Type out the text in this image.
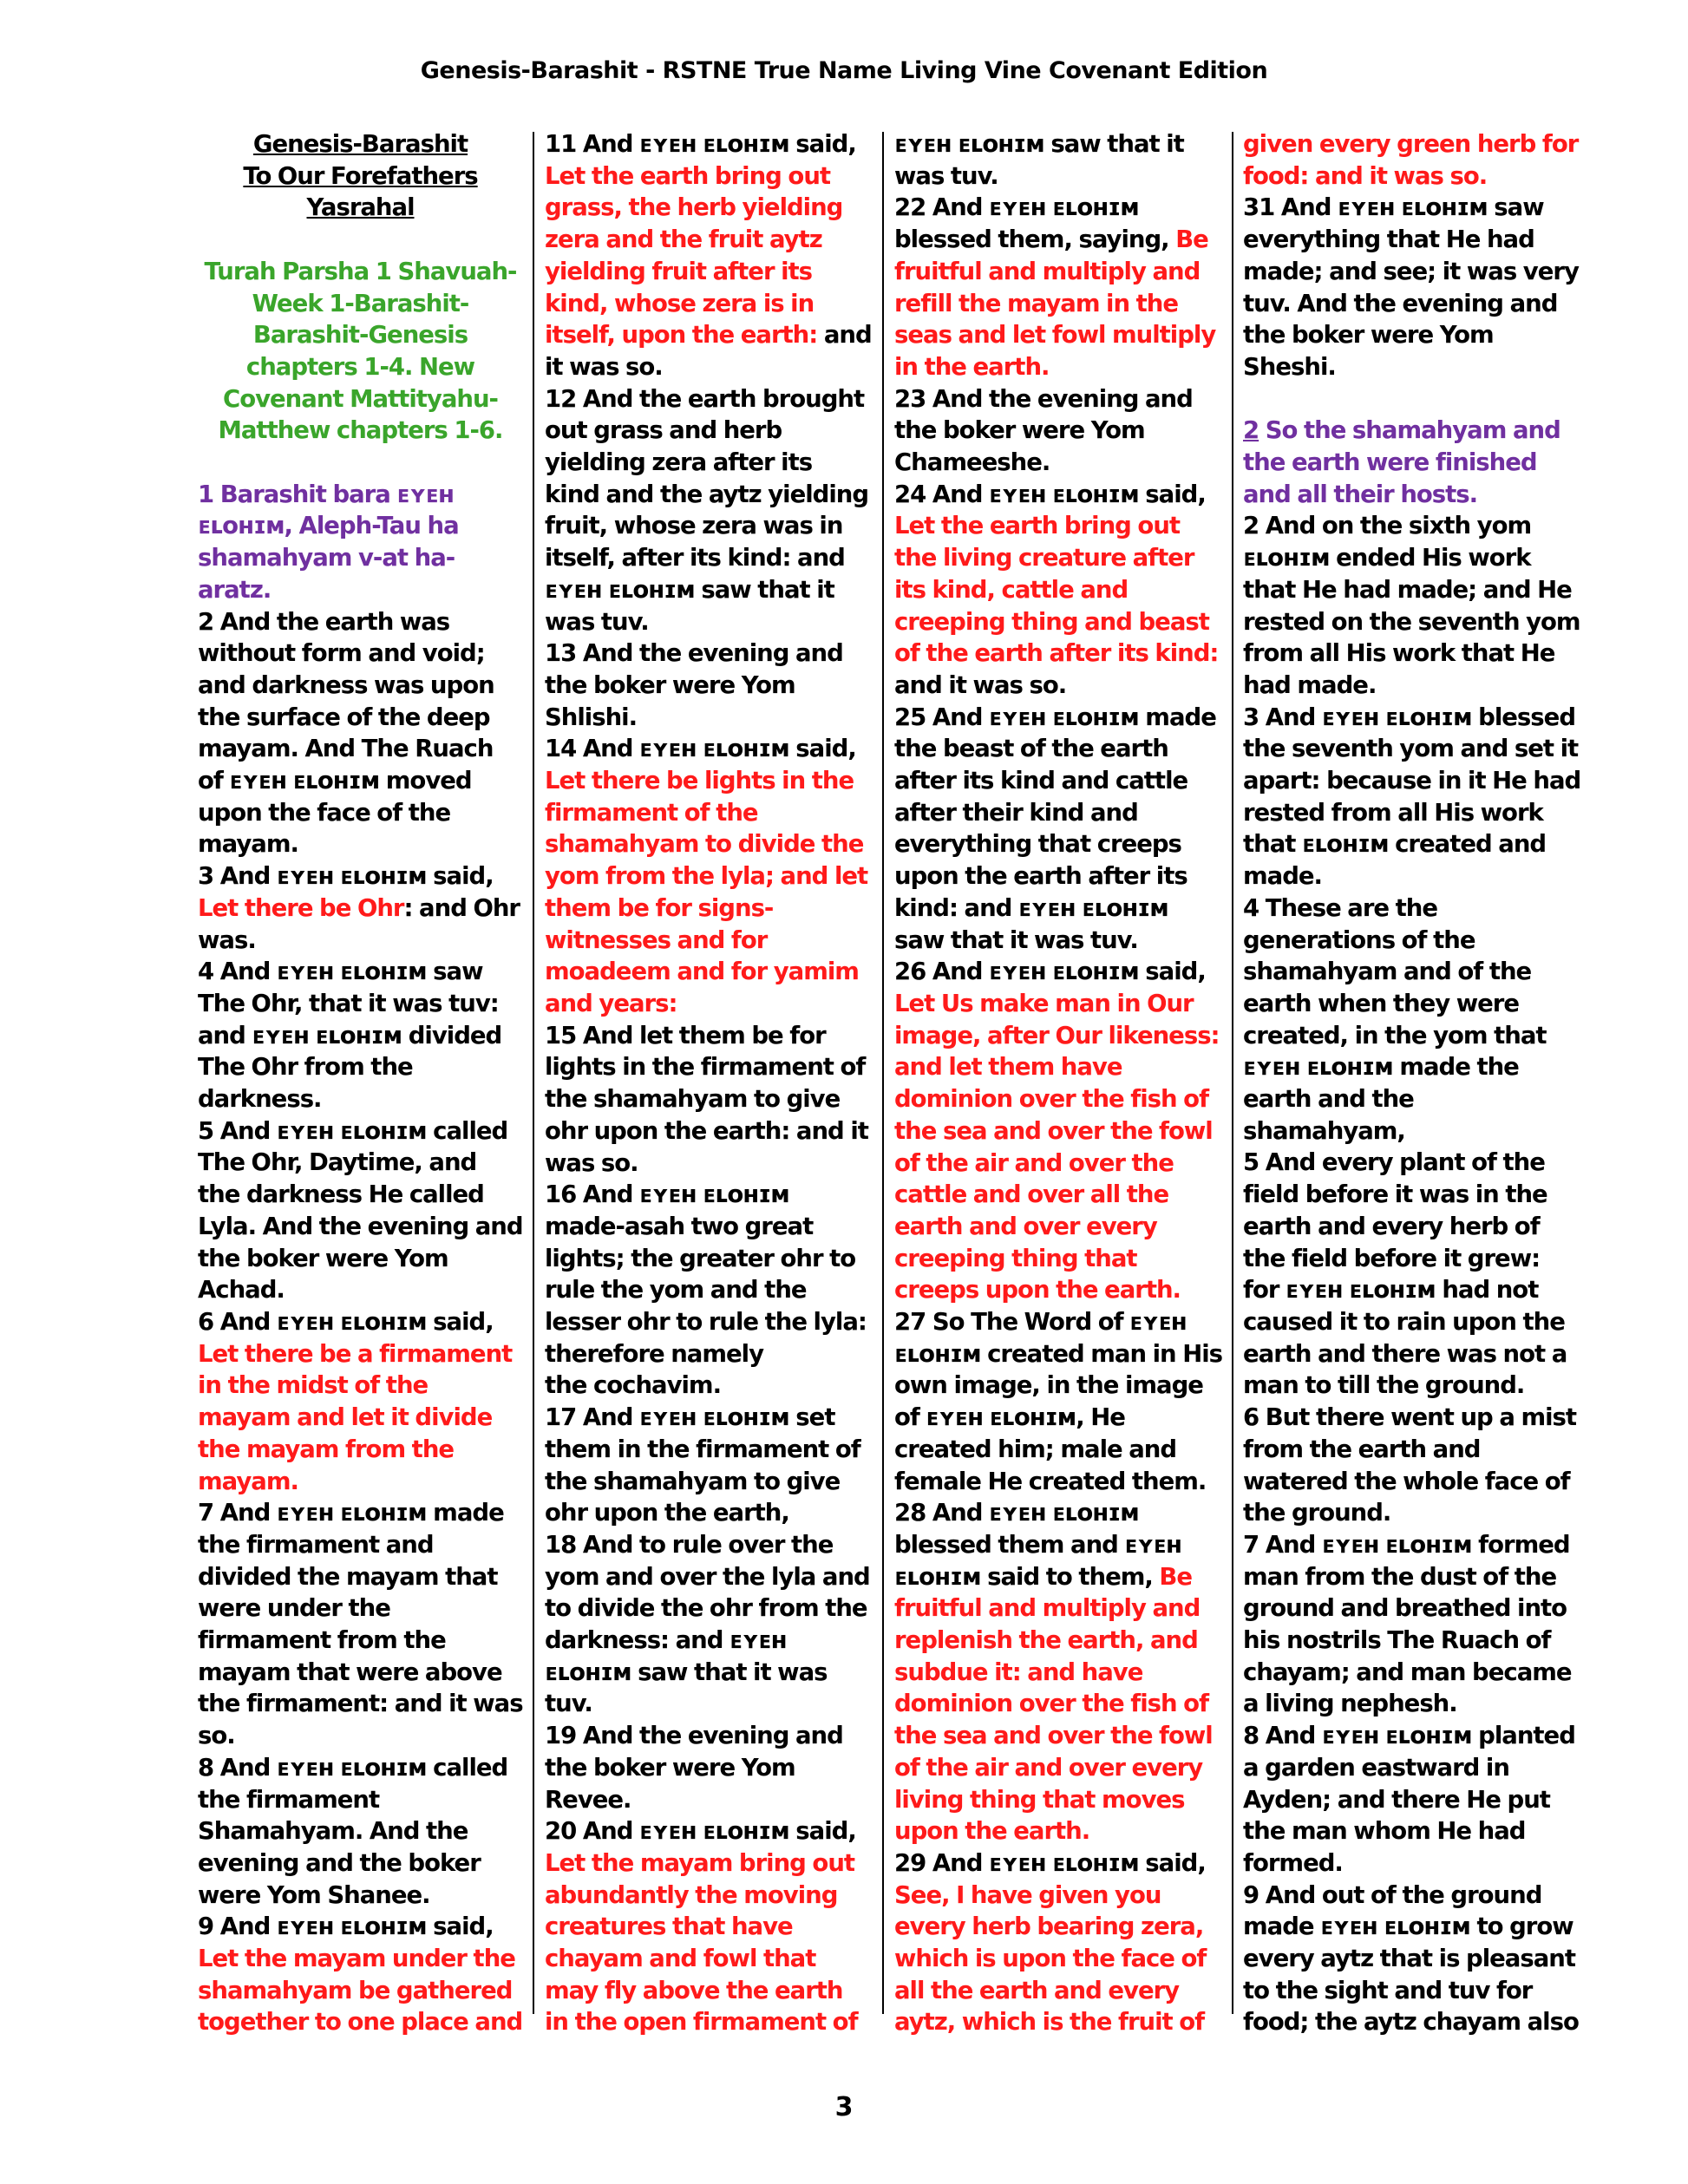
Genesis-Barashit - RSTNE True Name Living Vine Covenant Edition

Genesis-Barashit

To Our Forefathers Yasrahal

Turah Parsha 1 Shavuah-Week 1-Barashit-Barashit-Genesis chapters 1-4. New Covenant Mattityahu-Matthew chapters 1-6.

1 Barashit bara ᴇʏᴇʜ ᴇʟᴏʜɪᴍ, Aleph-Tau ha shamahyam v-at ha-aratz.

2 And the earth was without form and void; and darkness was upon the surface of the deep mayam. And The Ruach of ᴇʏᴇʜ ᴇʟᴏʜɪᴍ moved upon the face of the mayam.

3 And ᴇʏᴇʜ ᴇʟᴏʜɪᴍ said, Let there be Ohr: and Ohr was.

4 And ᴇʏᴇʜ ᴇʟᴏʜɪᴍ saw The Ohr, that it was tuv: and ᴇʏᴇʜ ᴇʟᴏʜɪᴍ divided The Ohr from the darkness.

5 And ᴇʏᴇʜ ᴇʟᴏʜɪᴍ called The Ohr, Daytime, and the darkness He called Lyla. And the evening and the boker were Yom Achad.

6 And ᴇʏᴇʜ ᴇʟᴏʜɪᴍ said, Let there be a firmament in the midst of the mayam and let it divide the mayam from the mayam.

7 And ᴇʏᴇʜ ᴇʟᴏʜɪᴍ made the firmament and divided the mayam that were under the firmament from the mayam that were above the firmament: and it was so.

8 And ᴇʏᴇʜ ᴇʟᴏʜɪᴍ called the firmament Shamahyam. And the evening and the boker were Yom Shanee.

9 And ᴇʏᴇʜ ᴇʟᴏʜɪᴍ said, Let the mayam under the shamahyam be gathered together to one place and

11 And ᴇʏᴇʜ ᴇʟᴏʜɪᴍ said, Let the earth bring out grass, the herb yielding zera and the fruit aytz yielding fruit after its kind, whose zera is in itself, upon the earth: and it was so.

12 And the earth brought out grass and herb yielding zera after its kind and the aytz yielding fruit, whose zera was in itself, after its kind: and ᴇʏᴇʜ ᴇʟᴏʜɪᴍ saw that it was tuv.

13 And the evening and the boker were Yom Shlishi.

14 And ᴇʏᴇʜ ᴇʟᴏʜɪᴍ said, Let there be lights in the firmament of the shamahyam to divide the yom from the lyla; and let them be for signs-witnesses and for moadeem and for yamim and years:

15 And let them be for lights in the firmament of the shamahyam to give ohr upon the earth: and it was so.

16 And ᴇʏᴇʜ ᴇʟᴏʜɪᴍ made-asah two great lights; the greater ohr to rule the yom and the lesser ohr to rule the lyla: therefore namely

the cochavim.

17 And ᴇʏᴇʜ ᴇʟᴏʜɪᴍ set them in the firmament of the shamahyam to give ohr upon the earth,

18 And to rule over the yom and over the lyla and to divide the ohr from the darkness: and ᴇʏᴇʜ ᴇʟᴏʜɪᴍ saw that it was tuv.

19 And the evening and the boker were Yom Revee.

20 And ᴇʏᴇʜ ᴇʟᴏʜɪᴍ said, Let the mayam bring out abundantly the moving creatures that have chayam and fowl that may fly above the earth in the open firmament of

ᴇʏᴇʜ ᴇʟᴏʜɪᴍ saw that it was tuv.

22 And ᴇʏᴇʜ ᴇʟᴏʜɪᴍ blessed them, saying, Be fruitful and multiply and refill the mayam in the seas and let fowl multiply in the earth.

23 And the evening and the boker were Yom Chameeshe.

24 And ᴇʏᴇʜ ᴇʟᴏʜɪᴍ said, Let the earth bring out the living creature after its kind, cattle and creeping thing and beast of the earth after its kind: and it was so.

25 And ᴇʏᴇʜ ᴇʟᴏʜɪᴍ made the beast of the earth after its kind and cattle after their kind and everything that creeps upon the earth after its kind: and ᴇʏᴇʜ ᴇʟᴏʜɪᴍ saw that it was tuv.

26 And ᴇʏᴇʜ ᴇʟᴏʜɪᴍ said, Let Us make man in Our image, after Our likeness: and let them have dominion over the fish of the sea and over the fowl of the air and over the cattle and over all the earth and over every creeping thing that creeps upon the earth.

27 So The Word of ᴇʏᴇʜ ᴇʟᴏʜɪᴍ created man in His own image, in the image of ᴇʏᴇʜ ᴇʟᴏʜɪᴍ, He created him; male and female He created them.

28 And ᴇʏᴇʜ ᴇʟᴏʜɪᴍ blessed them and ᴇʏᴇʜ ᴇʟᴏʜɪᴍ said to them, Be fruitful and multiply and replenish the earth, and subdue it: and have dominion over the fish of the sea and over the fowl of the air and over every living thing that moves upon the earth.

29 And ᴇʏᴇʜ ᴇʟᴏʜɪᴍ said, See, I have given you every herb bearing zera, which is upon the face of all the earth and every aytz, which is the fruit of

given every green herb for food: and it was so.

31 And ᴇʏᴇʜ ᴇʟᴏʜɪᴍ saw everything that He had made; and see; it was very tuv. And the evening and the boker were Yom Sheshi.

2 So the shamahyam and the earth were finished and all their hosts.

2 And on the sixth yom ᴇʟᴏʜɪᴍ ended His work that He had made; and He rested on the seventh yom from all His work that He had made.

3 And ᴇʏᴇʜ ᴇʟᴏʜɪᴍ blessed the seventh yom and set it apart: because in it He had rested from all His work that ᴇʟᴏʜɪᴍ created and made.

4 These are the generations of the shamahyam and of the earth when they were created, in the yom that ᴇʏᴇʜ ᴇʟᴏʜɪᴍ made the earth and the shamahyam,

5 And every plant of the field before it was in the earth and every herb of the field before it grew: for ᴇʏᴇʜ ᴇʟᴏʜɪᴍ had not caused it to rain upon the earth and there was not a man to till the ground.

6 But there went up a mist from the earth and watered the whole face of the ground.

7 And ᴇʏᴇʜ ᴇʟᴏʜɪᴍ formed man from the dust of the ground and breathed into his nostrils The Ruach of chayam; and man became a living nephesh.

8 And ᴇʏᴇʜ ᴇʟᴏʜɪᴍ planted a garden eastward in Ayden; and there He put the man whom He had formed.

9 And out of the ground made ᴇʏᴇʜ ᴇʟᴏʜɪᴍ to grow every aytz that is pleasant to the sight and tuv for food; the aytz chayam also

3
